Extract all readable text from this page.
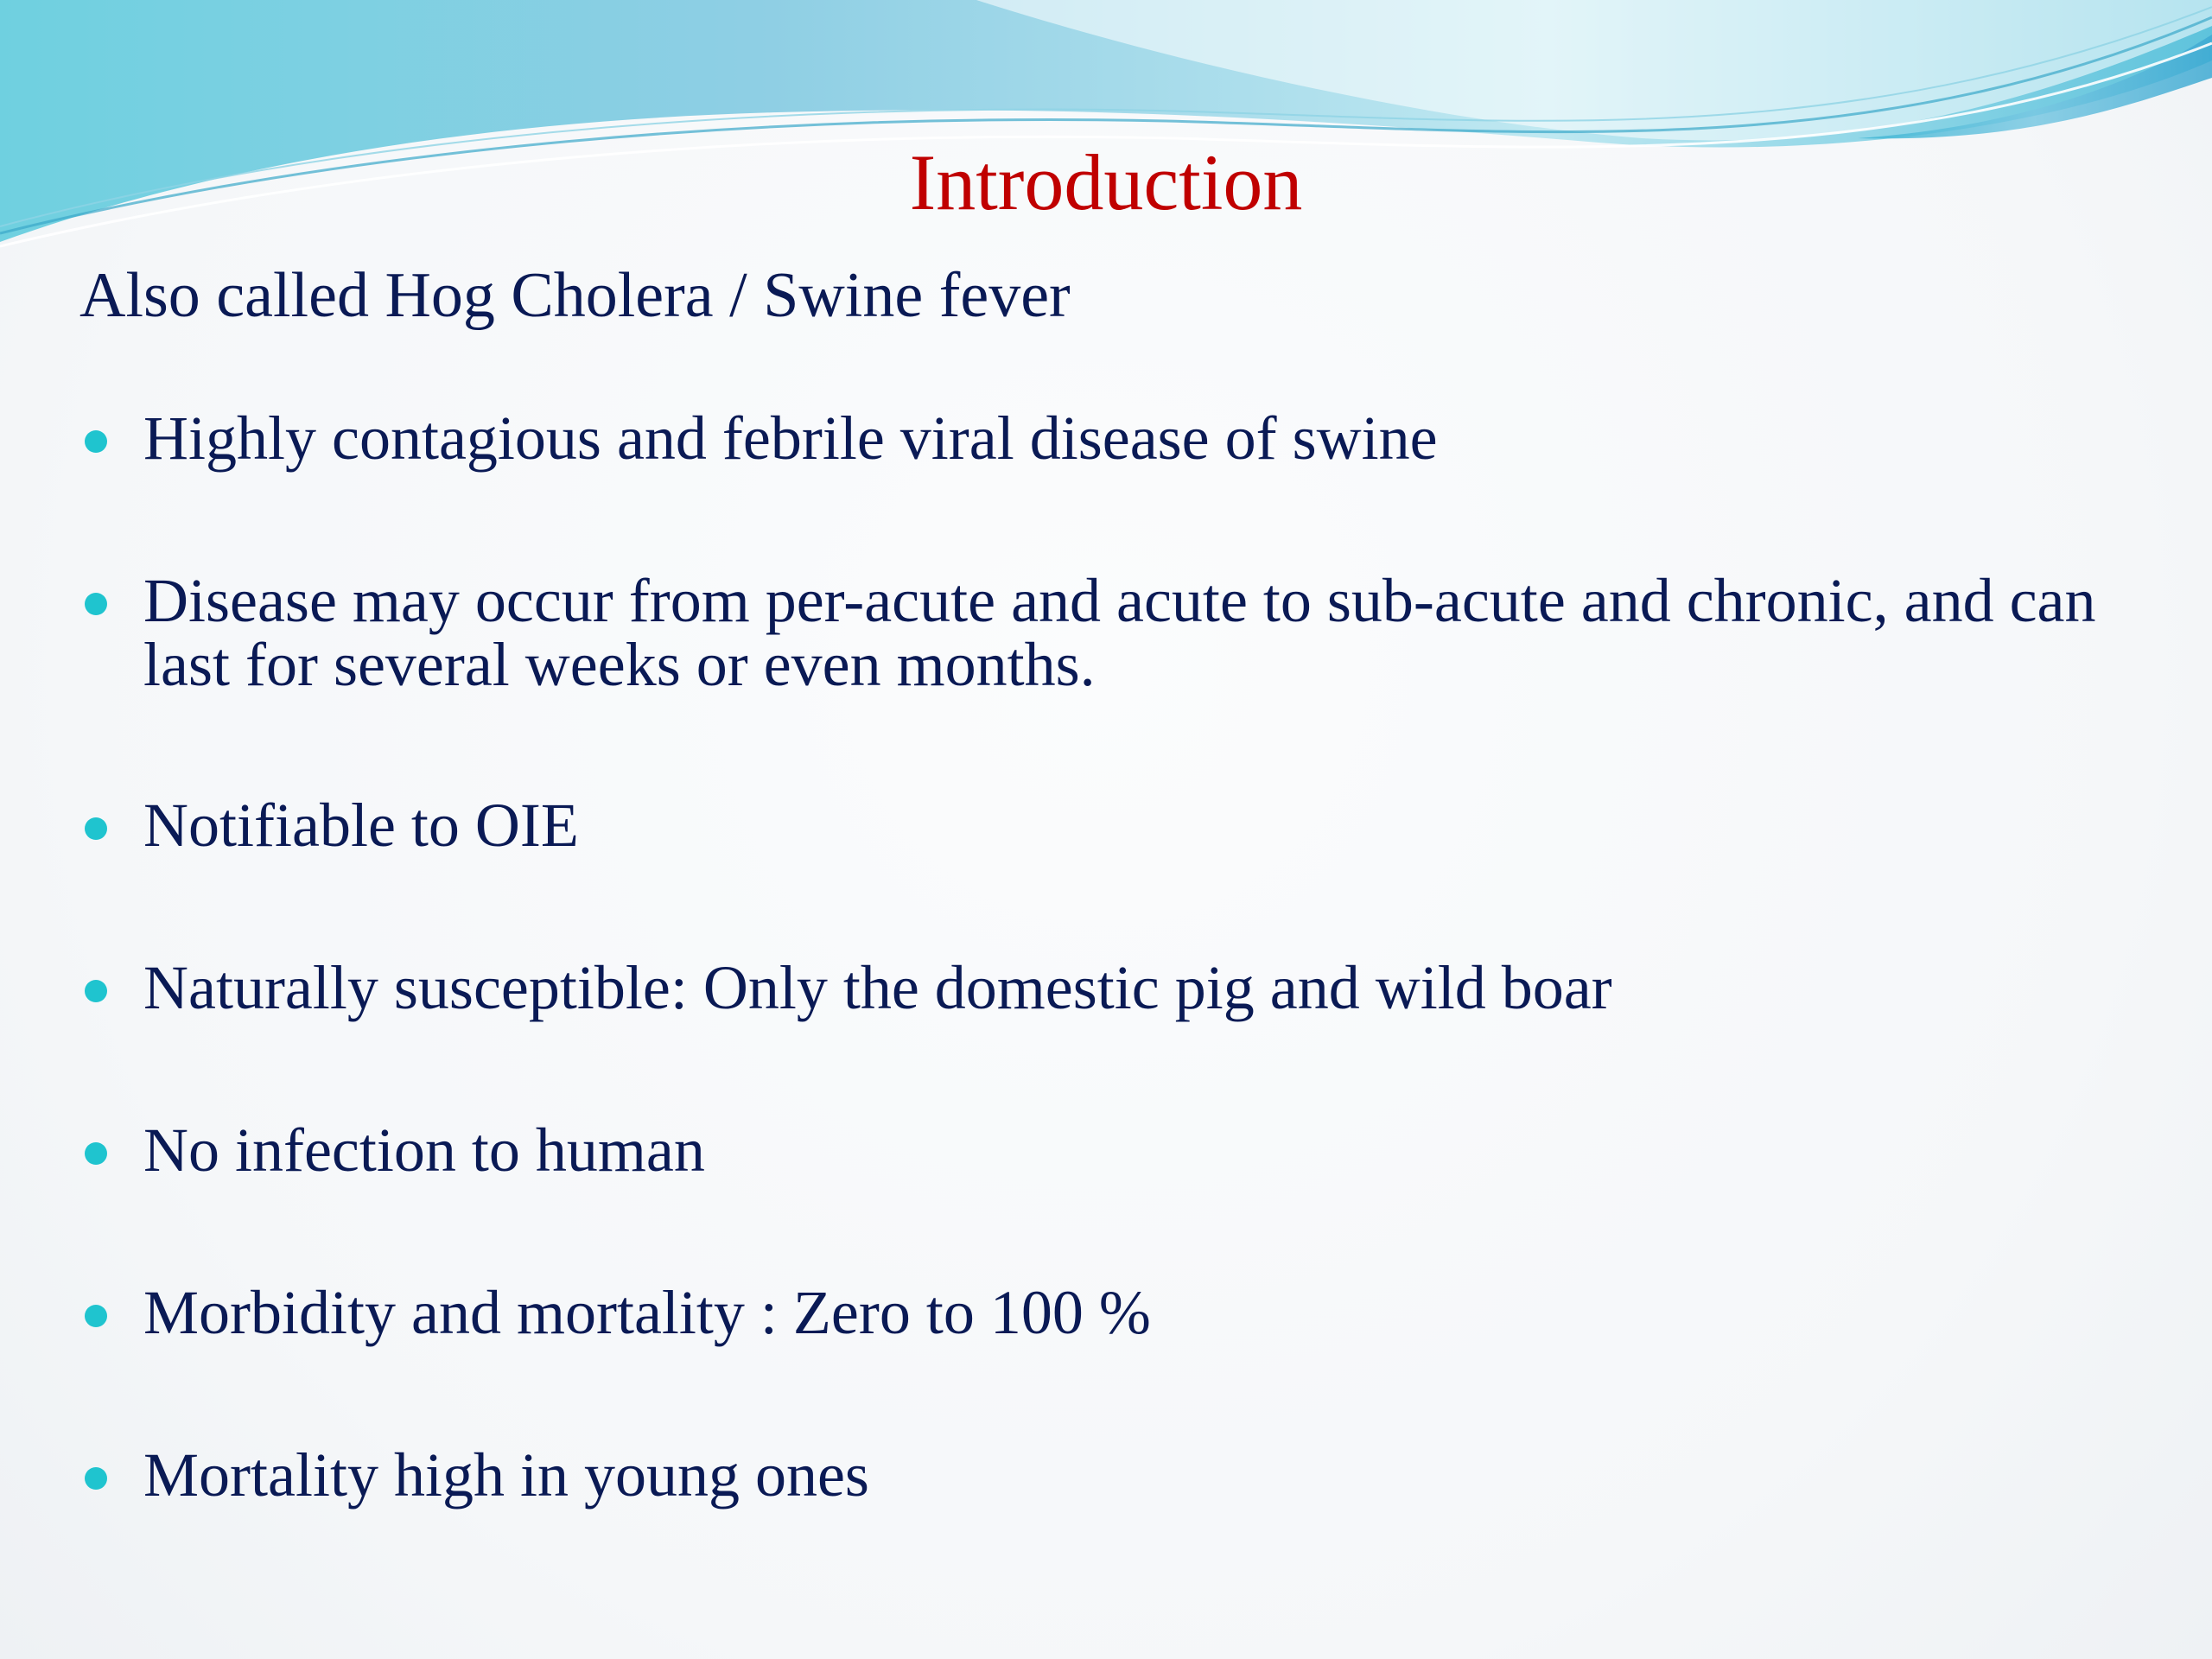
Introduction

Also called Hog Cholera / Swine fever

Highly contagious and febrile viral disease of swine
Disease may occur from per-acute and acute to sub-acute and chronic, and can last for several weeks or even months.
Notifiable to OIE
Naturally susceptible: Only the domestic pig and wild boar
No infection to human
Morbidity and mortality : Zero to 100 %
Mortality high in young ones
